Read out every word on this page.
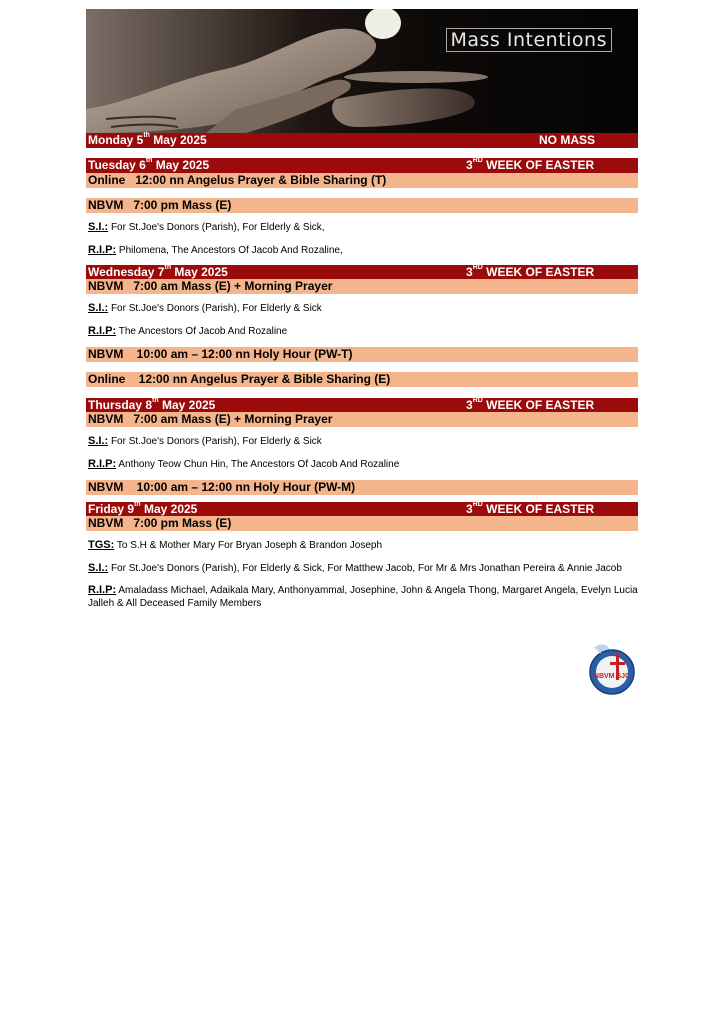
Mass Intentions
Monday 5th May 2025	NO MASS
Tuesday 6th May 2025	3RD WEEK OF EASTER
Online   12:00 nn Angelus Prayer & Bible Sharing (T)
NBVM   7:00 pm Mass (E)
S.I.: For St.Joe's Donors (Parish), For Elderly & Sick,
R.I.P: Philomena, The Ancestors Of Jacob And Rozaline,
Wednesday 7th May 2025	3RD WEEK OF EASTER
NBVM   7:00 am Mass (E) + Morning Prayer
S.I.: For St.Joe's Donors (Parish), For Elderly & Sick
R.I.P: The Ancestors Of Jacob And Rozaline
NBVM    10:00 am – 12:00 nn Holy Hour (PW-T)
Online    12:00 nn Angelus Prayer & Bible Sharing (E)
Thursday 8th May 2025	3RD WEEK OF EASTER
NBVM   7:00 am Mass (E) + Morning Prayer
S.I.: For St.Joe's Donors (Parish), For Elderly & Sick
R.I.P: Anthony Teow Chun Hin, The Ancestors Of Jacob And Rozaline
NBVM    10:00 am – 12:00 nn Holy Hour (PW-M)
Friday 9th May 2025	3RD WEEK OF EASTER
NBVM   7:00 pm Mass (E)
TGS: To S.H & Mother Mary For Bryan Joseph & Brandon Joseph
S.I.: For St.Joe's Donors (Parish), For Elderly & Sick, For Matthew Jacob, For Mr & Mrs Jonathan Pereira & Annie Jacob
R.I.P: Amaladass Michael, Adaikala Mary, Anthonyammal, Josephine, John & Angela Thong, Margaret Angela, Evelyn Lucia Jalleh & All Deceased Family Members
NBVM SJC
